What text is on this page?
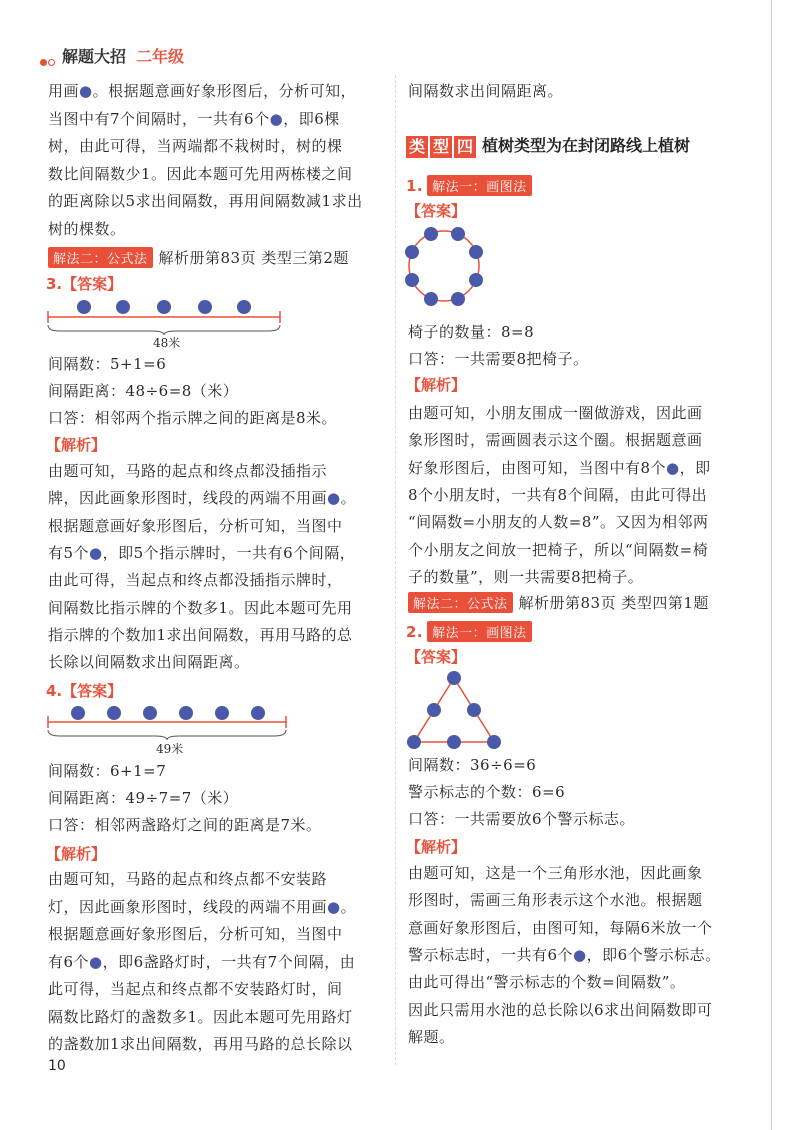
解题大招 二年级
用画●。根据题意画好象形图后，分析可知，
当图中有7个间隔时，一共有6个●，即6棵
树，由此可得，当两端都不栽树时，树的棵
数比间隔数少1。因此本题可先用两栋楼之间
的距离除以5求出间隔数，再用间隔数减1求出
树的棵数。
解法二：公式法 解析册第83页 类型三第2题
3.【答案】
48米
间隔数：5+1=6
间隔距离：48÷6=8（米）
口答：相邻两个指示牌之间的距离是8米。
【解析】
由题可知，马路的起点和终点都没插指示
牌，因此画象形图时，线段的两端不用画●。
根据题意画好象形图后，分析可知，当图中
有5个●，即5个指示牌时，一共有6个间隔，
由此可得，当起点和终点都没插指示牌时，
间隔数比指示牌的个数多1。因此本题可先用
指示牌的个数加1求出间隔数，再用马路的总
长除以间隔数求出间隔距离。
4.【答案】
49米
间隔数：6+1=7
间隔距离：49÷7=7（米）
口答：相邻两盏路灯之间的距离是7米。
【解析】
由题可知，马路的起点和终点都不安装路
灯，因此画象形图时，线段的两端不用画●。
根据题意画好象形图后，分析可知，当图中
有6个●，即6盏路灯时，一共有7个间隔，由
此可得，当起点和终点都不安装路灯时，间
隔数比路灯的盏数多1。因此本题可先用路灯
的盏数加1求出间隔数，再用马路的总长除以
10
间隔数求出间隔距离。
类 型 四 植树类型为在封闭路线上植树
1. 解法一：画图法
【答案】
椅子的数量：8=8
口答：一共需要8把椅子。
【解析】
由题可知，小朋友围成一圈做游戏，因此画
象形图时，需画圆表示这个圈。根据题意画
好象形图后，由图可知，当图中有8个●，即
8个小朋友时，一共有8个间隔，由此可得出
“间隔数=小朋友的人数=8”。又因为相邻两
个小朋友之间放一把椅子，所以“间隔数=椅
子的数量”，则一共需要8把椅子。
解法二：公式法 解析册第83页 类型四第1题
2. 解法一：画图法
【答案】
间隔数：36÷6=6
警示标志的个数：6=6
口答：一共需要放6个警示标志。
【解析】
由题可知，这是一个三角形水池，因此画象
形图时，需画三角形表示这个水池。根据题
意画好象形图后，由图可知，每隔6米放一个
警示标志时，一共有6个●，即6个警示标志。
由此可得出“警示标志的个数=间隔数”。
因此只需用水池的总长除以6求出间隔数即可
解题。
